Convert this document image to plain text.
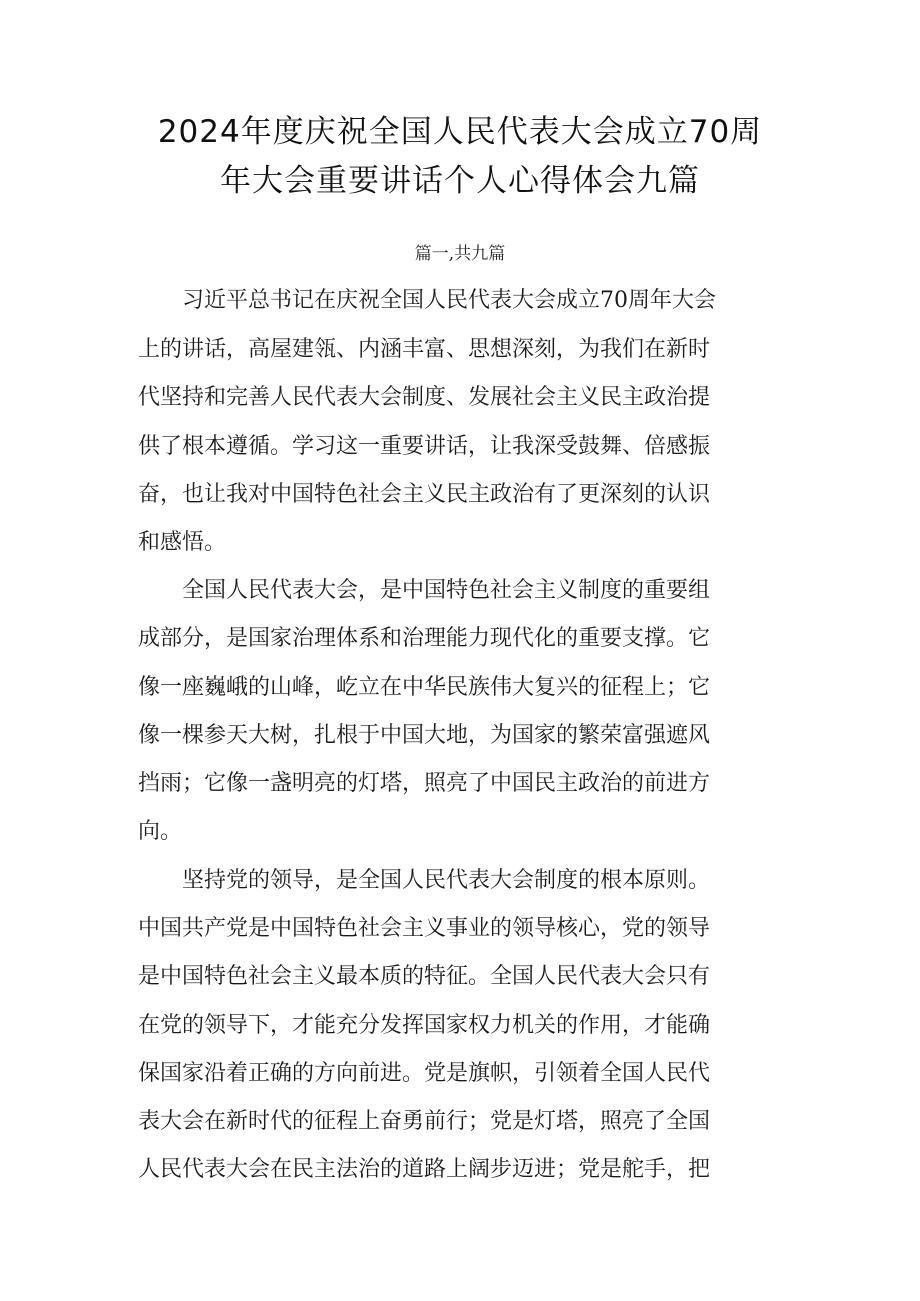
2024年度庆祝全国人民代表大会成立70周
年大会重要讲话个人心得体会九篇
篇一,共九篇
习近平总书记在庆祝全国人民代表大会成立70周年大会
上的讲话，高屋建瓴、内涵丰富、思想深刻，为我们在新时
代坚持和完善人民代表大会制度、发展社会主义民主政治提
供了根本遵循。学习这一重要讲话，让我深受鼓舞、倍感振
奋，也让我对中国特色社会主义民主政治有了更深刻的认识
和感悟。
全国人民代表大会，是中国特色社会主义制度的重要组
成部分，是国家治理体系和治理能力现代化的重要支撑。它
像一座巍峨的山峰，屹立在中华民族伟大复兴的征程上；它
像一棵参天大树，扎根于中国大地，为国家的繁荣富强遮风
挡雨；它像一盏明亮的灯塔，照亮了中国民主政治的前进方
向。
坚持党的领导，是全国人民代表大会制度的根本原则。
中国共产党是中国特色社会主义事业的领导核心，党的领导
是中国特色社会主义最本质的特征。全国人民代表大会只有
在党的领导下，才能充分发挥国家权力机关的作用，才能确
保国家沿着正确的方向前进。党是旗帜，引领着全国人民代
表大会在新时代的征程上奋勇前行；党是灯塔，照亮了全国
人民代表大会在民主法治的道路上阔步迈进；党是舵手，把
